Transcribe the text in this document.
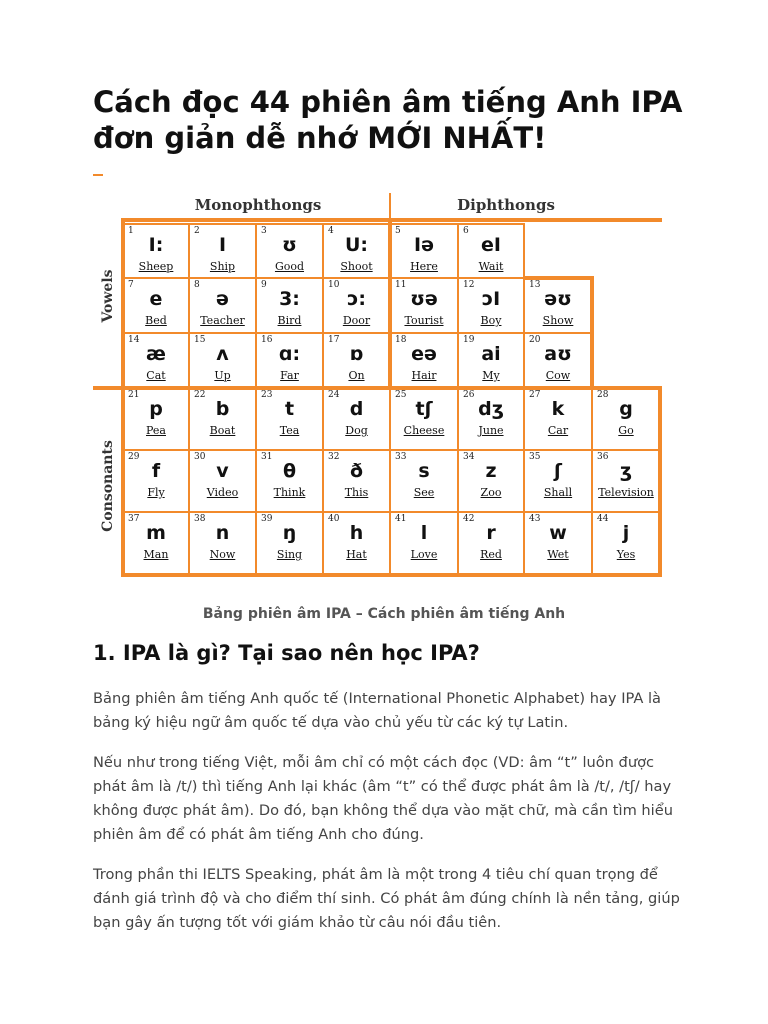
Cách đọc 44 phiên âm tiếng Anh IPA đơn giản dễ nhớ MỚI NHẤT!
Monophthongs	Diphthongs
Vowels
Consonants
1
I:
Sheep
2
I
Ship
3
ʊ
Good
4
U:
Shoot
5
Iə
Here
6
eI
Wait
7
e
Bed
8
ə
Teacher
9
3:
Bird
10
ɔ:
Door
11
ʊə
Tourist
12
ɔI
Boy
13
əʊ
Show
14
æ
Cat
15
ʌ
Up
16
ɑ:
Far
17
ɒ
On
18
eə
Hair
19
ai
My
20
aʊ
Cow
21
p
Pea
22
b
Boat
23
t
Tea
24
d
Dog
25
tʃ
Cheese
26
dʒ
June
27
k
Car
28
g
Go
29
f
Fly
30
v
Video
31
θ
Think
32
ð
This
33
s
See
34
z
Zoo
35
ʃ
Shall
36
ʒ
Television
37
m
Man
38
n
Now
39
ŋ
Sing
40
h
Hat
41
l
Love
42
r
Red
43
w
Wet
44
j
Yes

Bảng phiên âm IPA – Cách phiên âm tiếng Anh

1. IPA là gì? Tại sao nên học IPA?

Bảng phiên âm tiếng Anh quốc tế (International Phonetic Alphabet) hay IPA là bảng ký hiệu ngữ âm quốc tế dựa vào chủ yếu từ các ký tự Latin.

Nếu như trong tiếng Việt, mỗi âm chỉ có một cách đọc (VD: âm “t” luôn được phát âm là /t/) thì tiếng Anh lại khác (âm “t” có thể được phát âm là /t/, /tʃ/ hay không được phát âm). Do đó, bạn không thể dựa vào mặt chữ, mà cần tìm hiểu phiên âm để có phát âm tiếng Anh cho đúng.

Trong phần thi IELTS Speaking, phát âm là một trong 4 tiêu chí quan trọng để đánh giá trình độ và cho điểm thí sinh. Có phát âm đúng chính là nền tảng, giúp bạn gây ấn tượng tốt với giám khảo từ câu nói đầu tiên.
